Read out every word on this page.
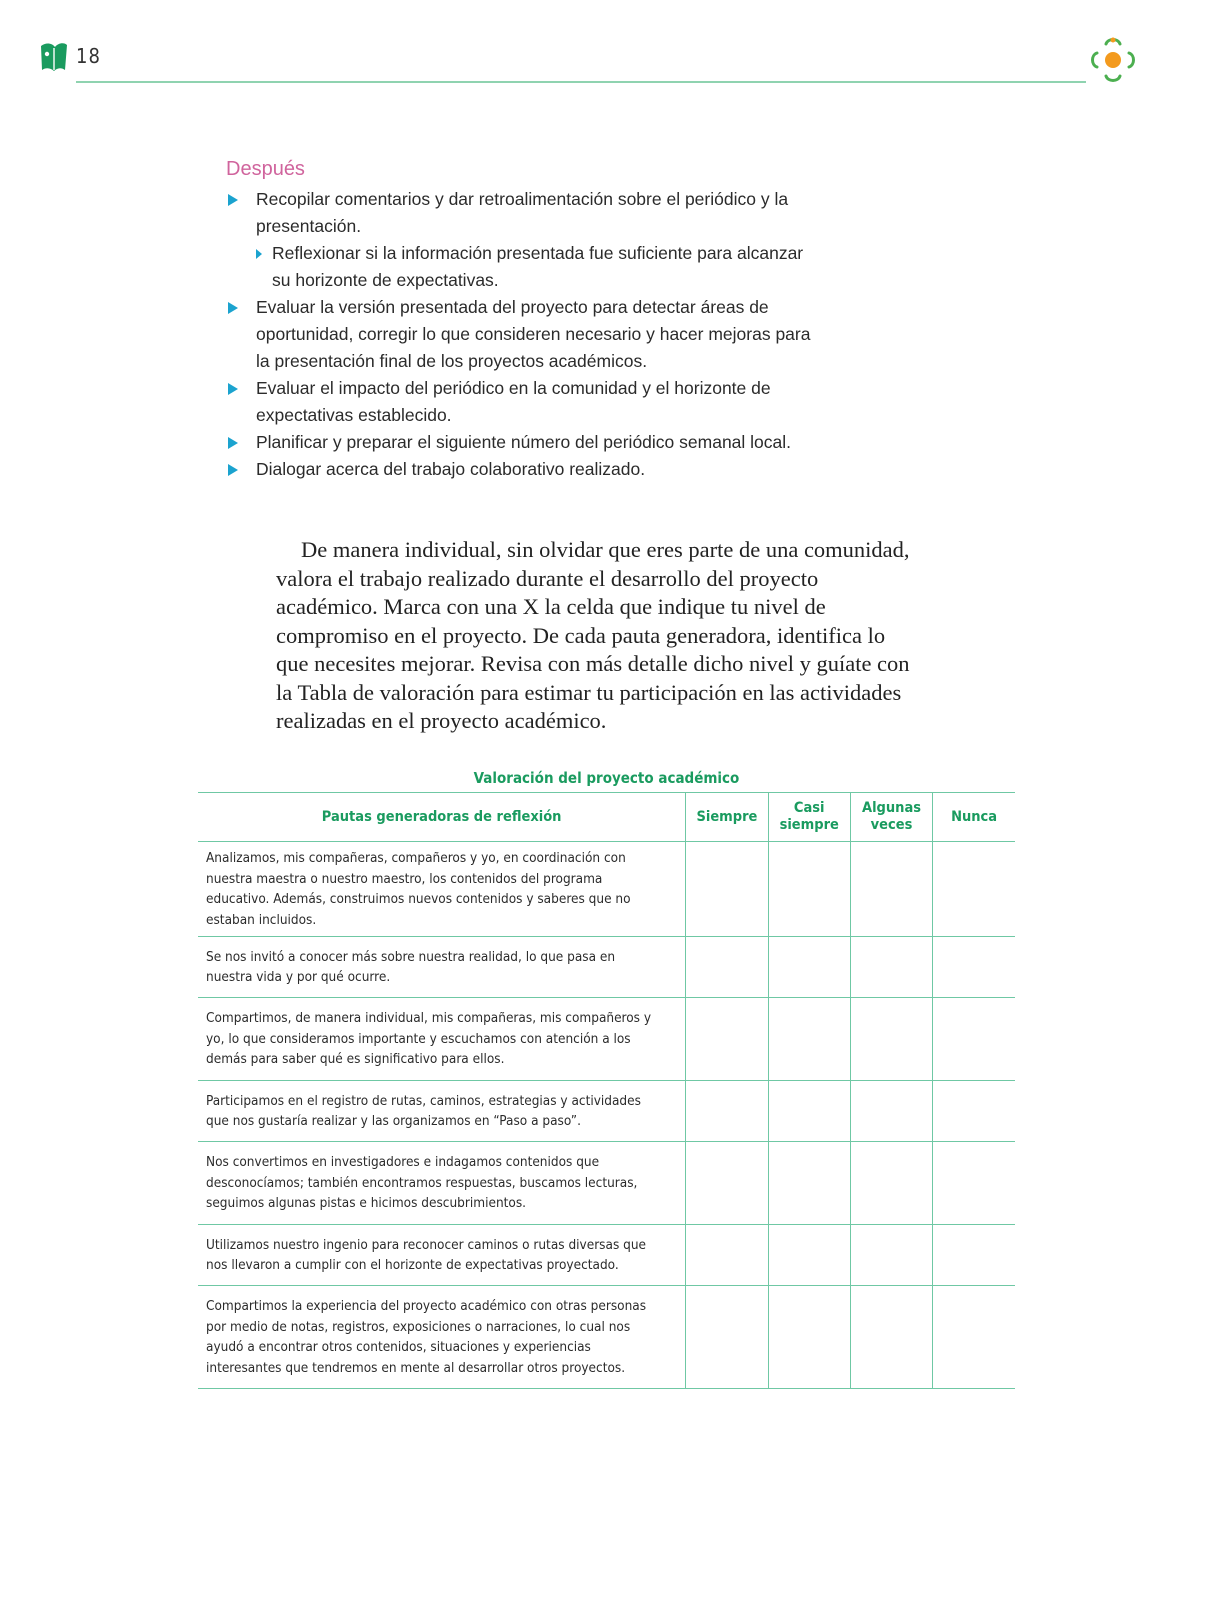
18
Después
Recopilar comentarios y dar retroalimentación sobre el periódico y la presentación.
Reflexionar si la información presentada fue suficiente para alcanzar su horizonte de expectativas.
Evaluar la versión presentada del proyecto para detectar áreas de oportunidad, corregir lo que consideren necesario y hacer mejoras para la presentación final de los proyectos académicos.
Evaluar el impacto del periódico en la comunidad y el horizonte de expectativas establecido.
Planificar y preparar el siguiente número del periódico semanal local.
Dialogar acerca del trabajo colaborativo realizado.

De manera individual, sin olvidar que eres parte de una comunidad, valora el trabajo realizado durante el desarrollo del proyecto académico. Marca con una X la celda que indique tu nivel de compromiso en el proyecto. De cada pauta generadora, identifica lo que necesites mejorar. Revisa con más detalle dicho nivel y guíate con la Tabla de valoración para estimar tu participación en las actividades realizadas en el proyecto académico.

Valoración del proyecto académico
Pautas generadoras de reflexión	Siempre	Casi siempre	Algunas veces	Nunca
Analizamos, mis compañeras, compañeros y yo, en coordinación con nuestra maestra o nuestro maestro, los contenidos del programa educativo. Además, construimos nuevos contenidos y saberes que no estaban incluidos.				
Se nos invitó a conocer más sobre nuestra realidad, lo que pasa en nuestra vida y por qué ocurre.				
Compartimos, de manera individual, mis compañeras, mis compañeros y yo, lo que consideramos importante y escuchamos con atención a los demás para saber qué es significativo para ellos.				
Participamos en el registro de rutas, caminos, estrategias y actividades que nos gustaría realizar y las organizamos en “Paso a paso”.				
Nos convertimos en investigadores e indagamos contenidos que desconocíamos; también encontramos respuestas, buscamos lecturas, seguimos algunas pistas e hicimos descubrimientos.				
Utilizamos nuestro ingenio para reconocer caminos o rutas diversas que nos llevaron a cumplir con el horizonte de expectativas proyectado.				
Compartimos la experiencia del proyecto académico con otras personas por medio de notas, registros, exposiciones o narraciones, lo cual nos ayudó a encontrar otros contenidos, situaciones y experiencias interesantes que tendremos en mente al desarrollar otros proyectos.				
